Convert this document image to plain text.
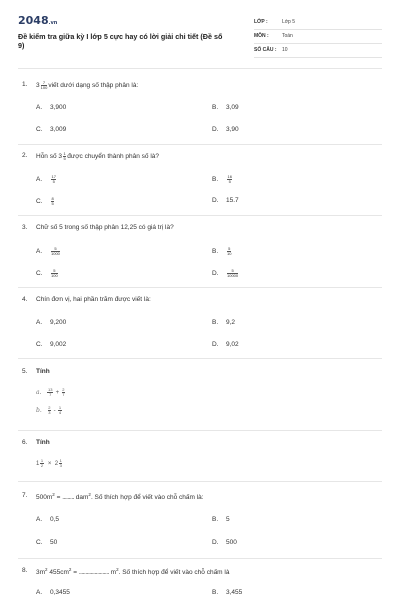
2048.vn
Đề kiểm tra giữa kỳ I lớp 5 cực hay có lời giải chi tiết (Đề số 9)
LỚP :	Lớp 5
MÔN :	Toán
SỐ CÂU : 10
1. $3 \frac{7}{100}$ viết dưới dạng số thập phân là:
A. 3,900	B. 3,09
C. 3,009	D. 3,90
2. Hỗn số $3 \frac{1}{5}$ được chuyển thành phân số là?
A. $\frac{17}{5}$	B. $\frac{16}{5}$
C. $\frac{8}{5}$	D. 15.7
3. Chữ số 5 trong số thập phân 12,25 có giá trị là?
A. $\frac{5}{1000}$	B. $\frac{5}{10}$
C. $\frac{5}{100}$	D. $\frac{5}{10000}$
4. Chín đơn vị, hai phần trăm được viết là:
A. 9,200	B. 9,2
C. 9,002	D. 9,02
5. Tính
a. $\frac{13}{7} + \frac{2}{7}$
b. $\frac{2}{3} - \frac{1}{4}$
6. Tính
$1 \frac{1}{2} \times 2 \frac{1}{3}$
7. $500m^2$ = ......... dam$^2$. Số thích hợp để viết vào chỗ chấm là:
A. 0,5	B. 5
C. 50	D. 500
8. $3m^2$ $455cm^2$ = ....................... $m^2$. Số thích hợp để viết vào chỗ chấm là
A. 0,3455	B. 3,455
